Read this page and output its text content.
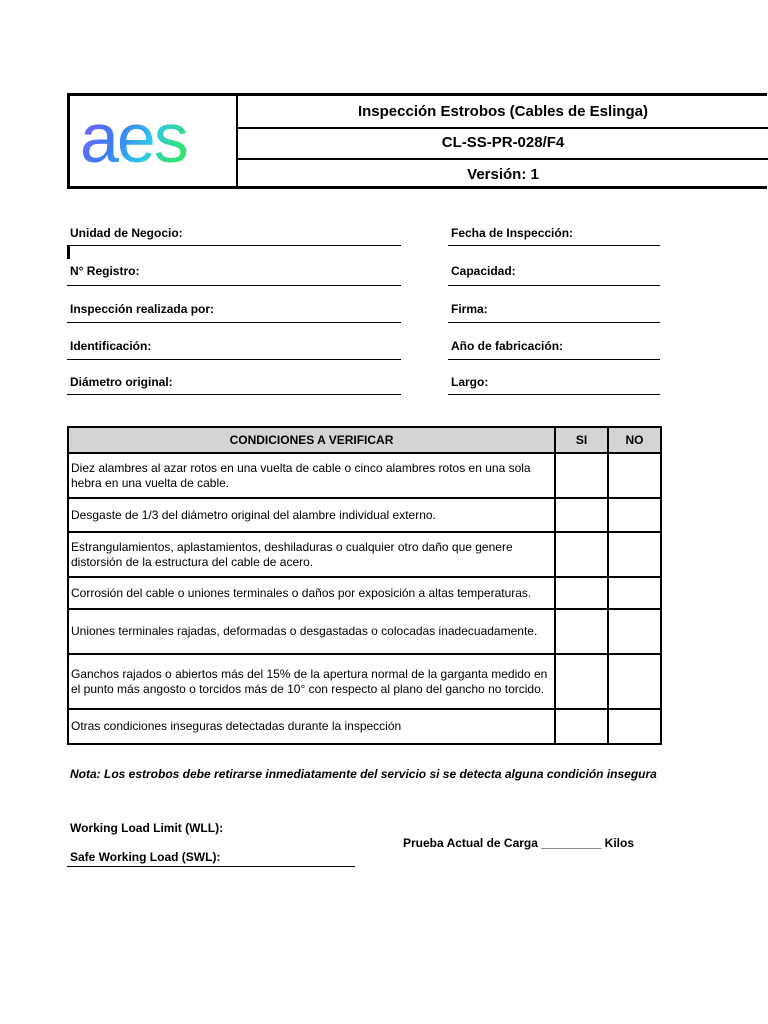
aes	Inspección Estrobos (Cables de Eslinga)
CL-SS-PR-028/F4
Versión: 1
Unidad de Negocio:
N° Registro:
Inspección realizada por:
Identificación:
Diámetro original:
Fecha de Inspección:
Capacidad:
Firma:
Año de fabricación:
Largo:
CONDICIONES A VERIFICAR	SI	NO
Diez alambres al azar rotos en una vuelta de cable o cinco alambres rotos en una sola hebra en una vuelta de cable.		
Desgaste de 1/3 del diámetro original del alambre individual externo.		
Estrangulamientos, aplastamientos, deshiladuras o cualquier otro daño que genere distorsión de la estructura del cable de acero.		
Corrosión del cable o uniones terminales o daños por exposición a altas temperaturas.		
Uniones terminales rajadas, deformadas o desgastadas o colocadas inadecuadamente.		
Ganchos rajados o abiertos más del 15% de la apertura normal de la garganta medido en el punto más angosto o torcidos más de 10° con respecto al plano del gancho no torcido.		
Otras condiciones inseguras detectadas durante la inspección		
Nota: Los estrobos debe retirarse inmediatamente del servicio si se detecta alguna condición insegura
Working Load Limit (WLL):
Safe Working Load (SWL):
Prueba Actual de Carga _________ Kilos
